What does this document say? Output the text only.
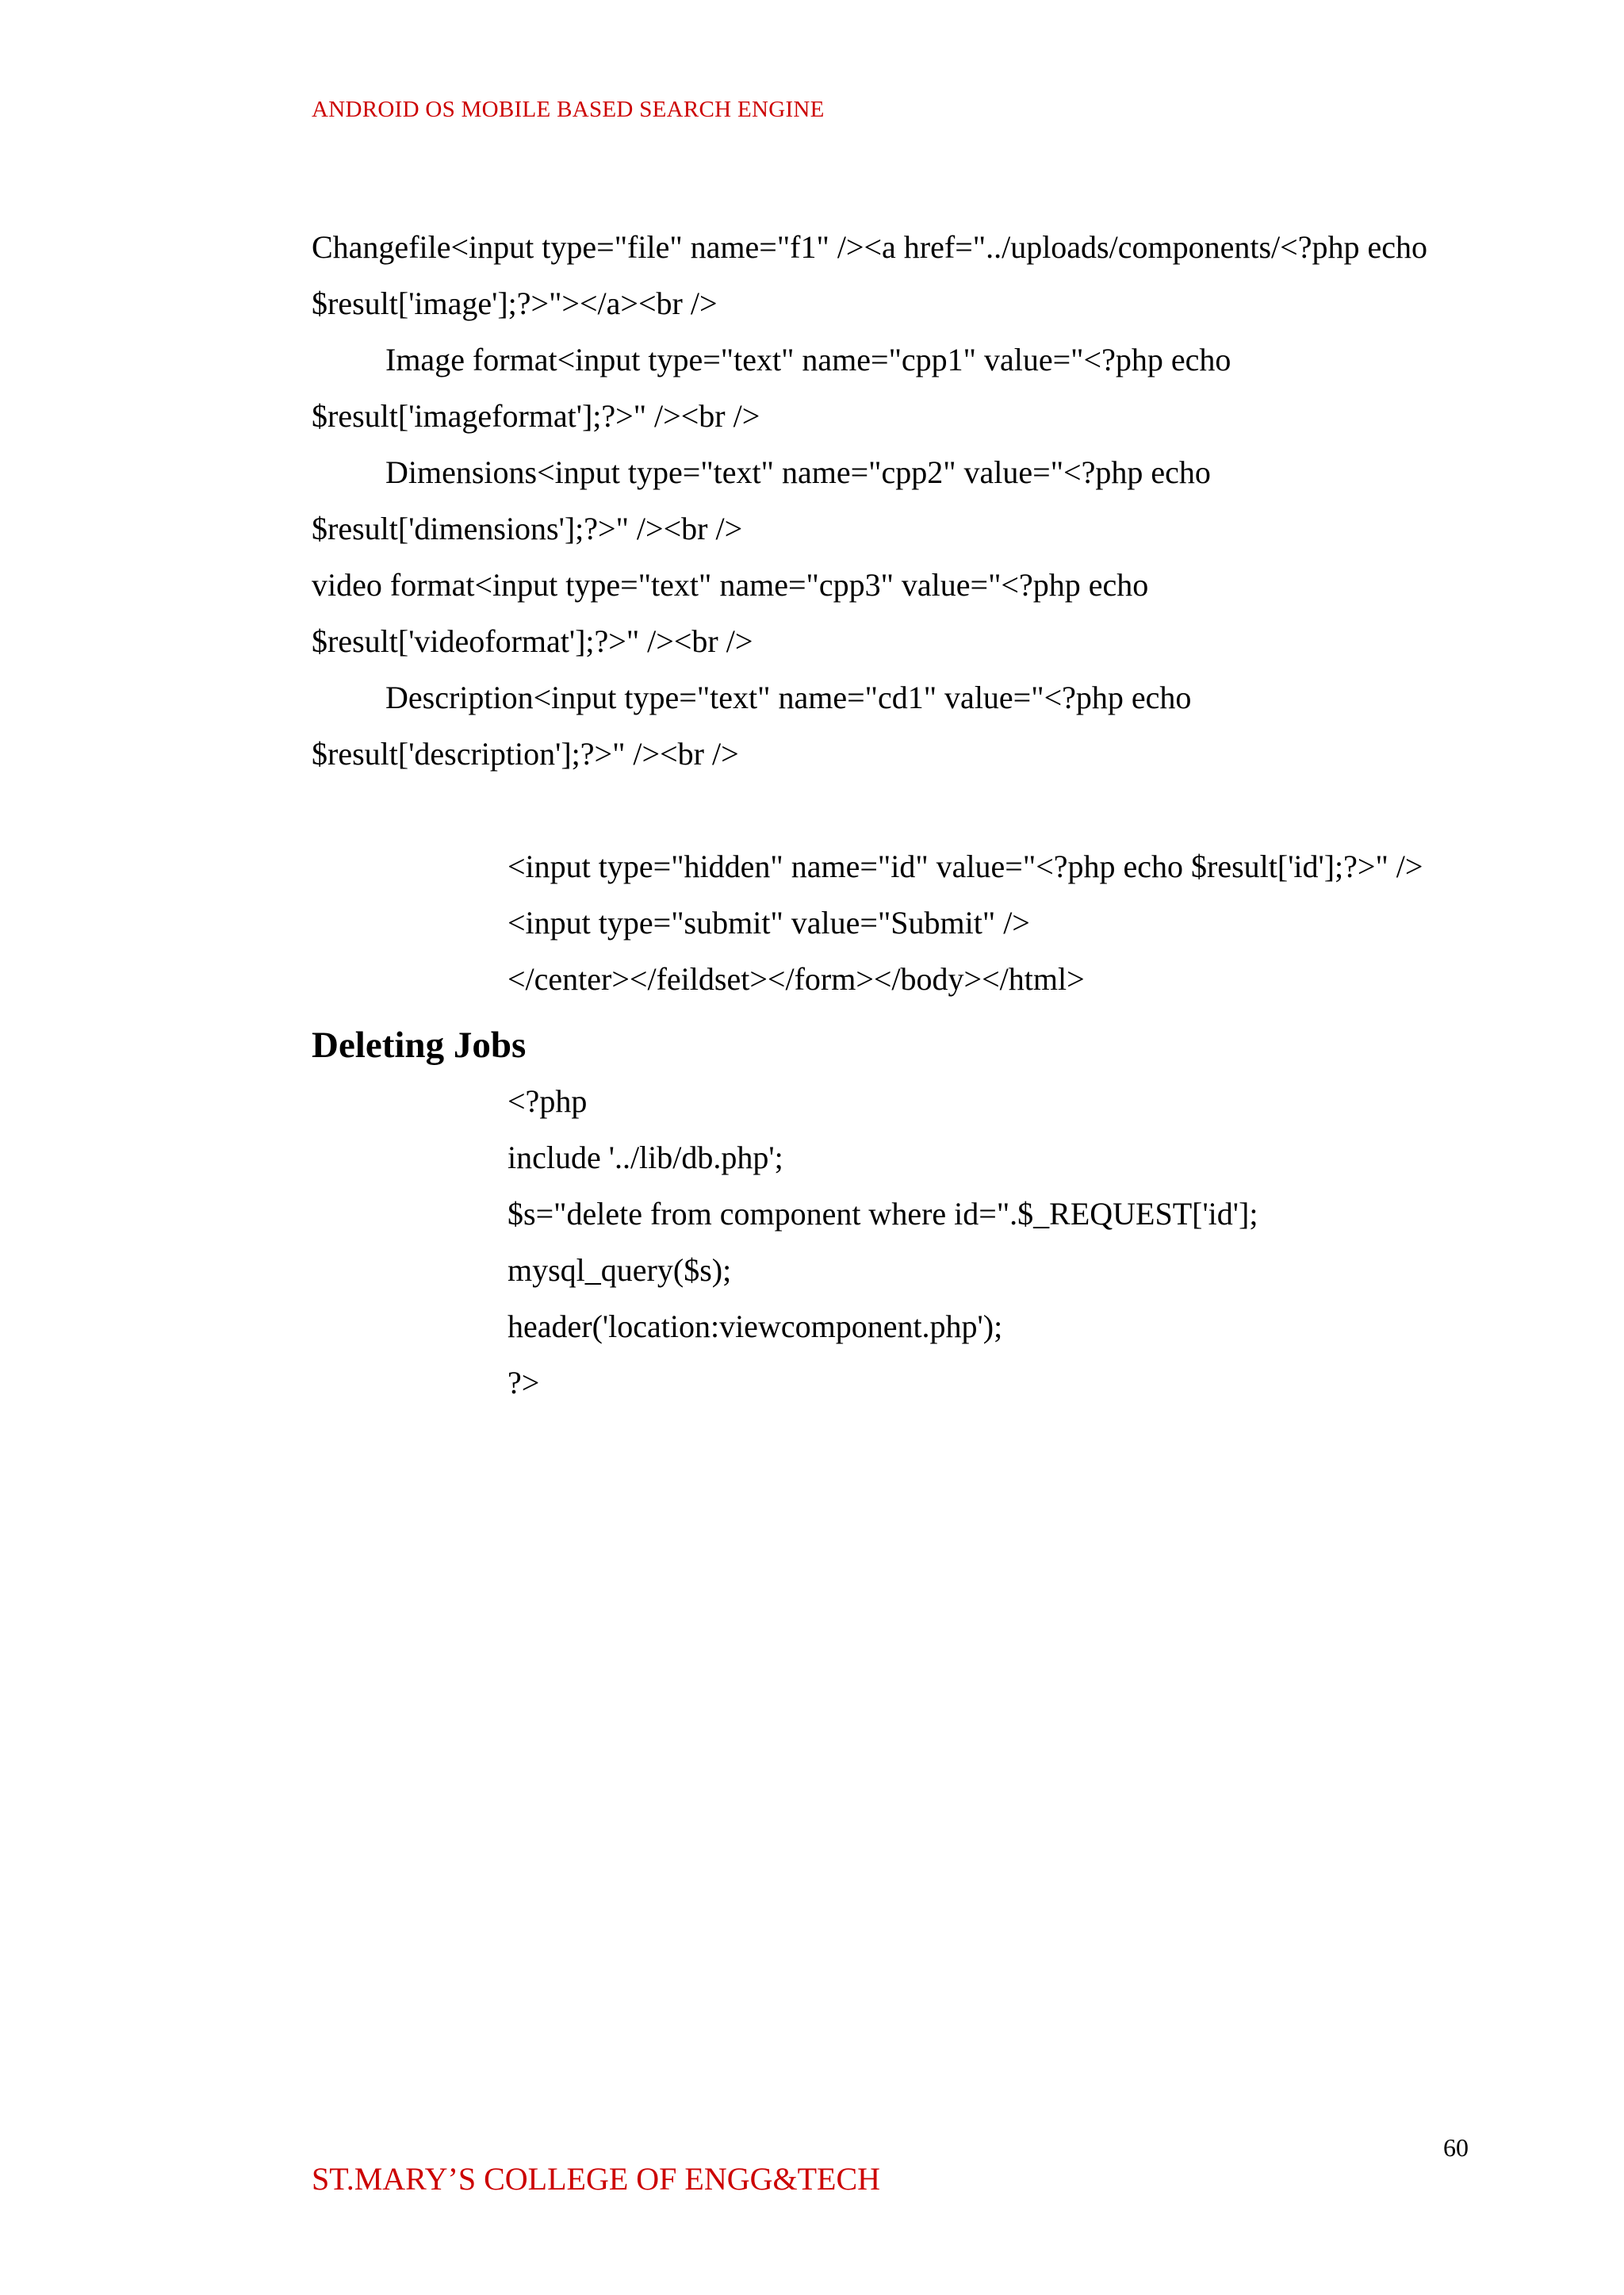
ANDROID OS MOBILE BASED SEARCH ENGINE
Changefile<input type="file" name="f1" /><a href="../uploads/components/<?php echo
$result['image'];?>"></a><br />
Image format<input type="text" name="cpp1" value="<?php echo
$result['imageformat'];?>" /><br />
Dimensions<input type="text" name="cpp2" value="<?php echo
$result['dimensions'];?>" /><br />
video format<input type="text" name="cpp3" value="<?php echo
$result['videoformat'];?>" /><br />
Description<input type="text" name="cd1" value="<?php echo
$result['description'];?>" /><br />
<input type="hidden" name="id" value="<?php echo $result['id'];?>" />
<input type="submit" value="Submit" />
</center></feildset></form></body></html>
Deleting Jobs
<?php
include '../lib/db.php';
$s="delete from component where id=".$_REQUEST['id'];
mysql_query($s);
header('location:viewcomponent.php');
?>
60
ST.MARY’S COLLEGE OF ENGG&TECH
